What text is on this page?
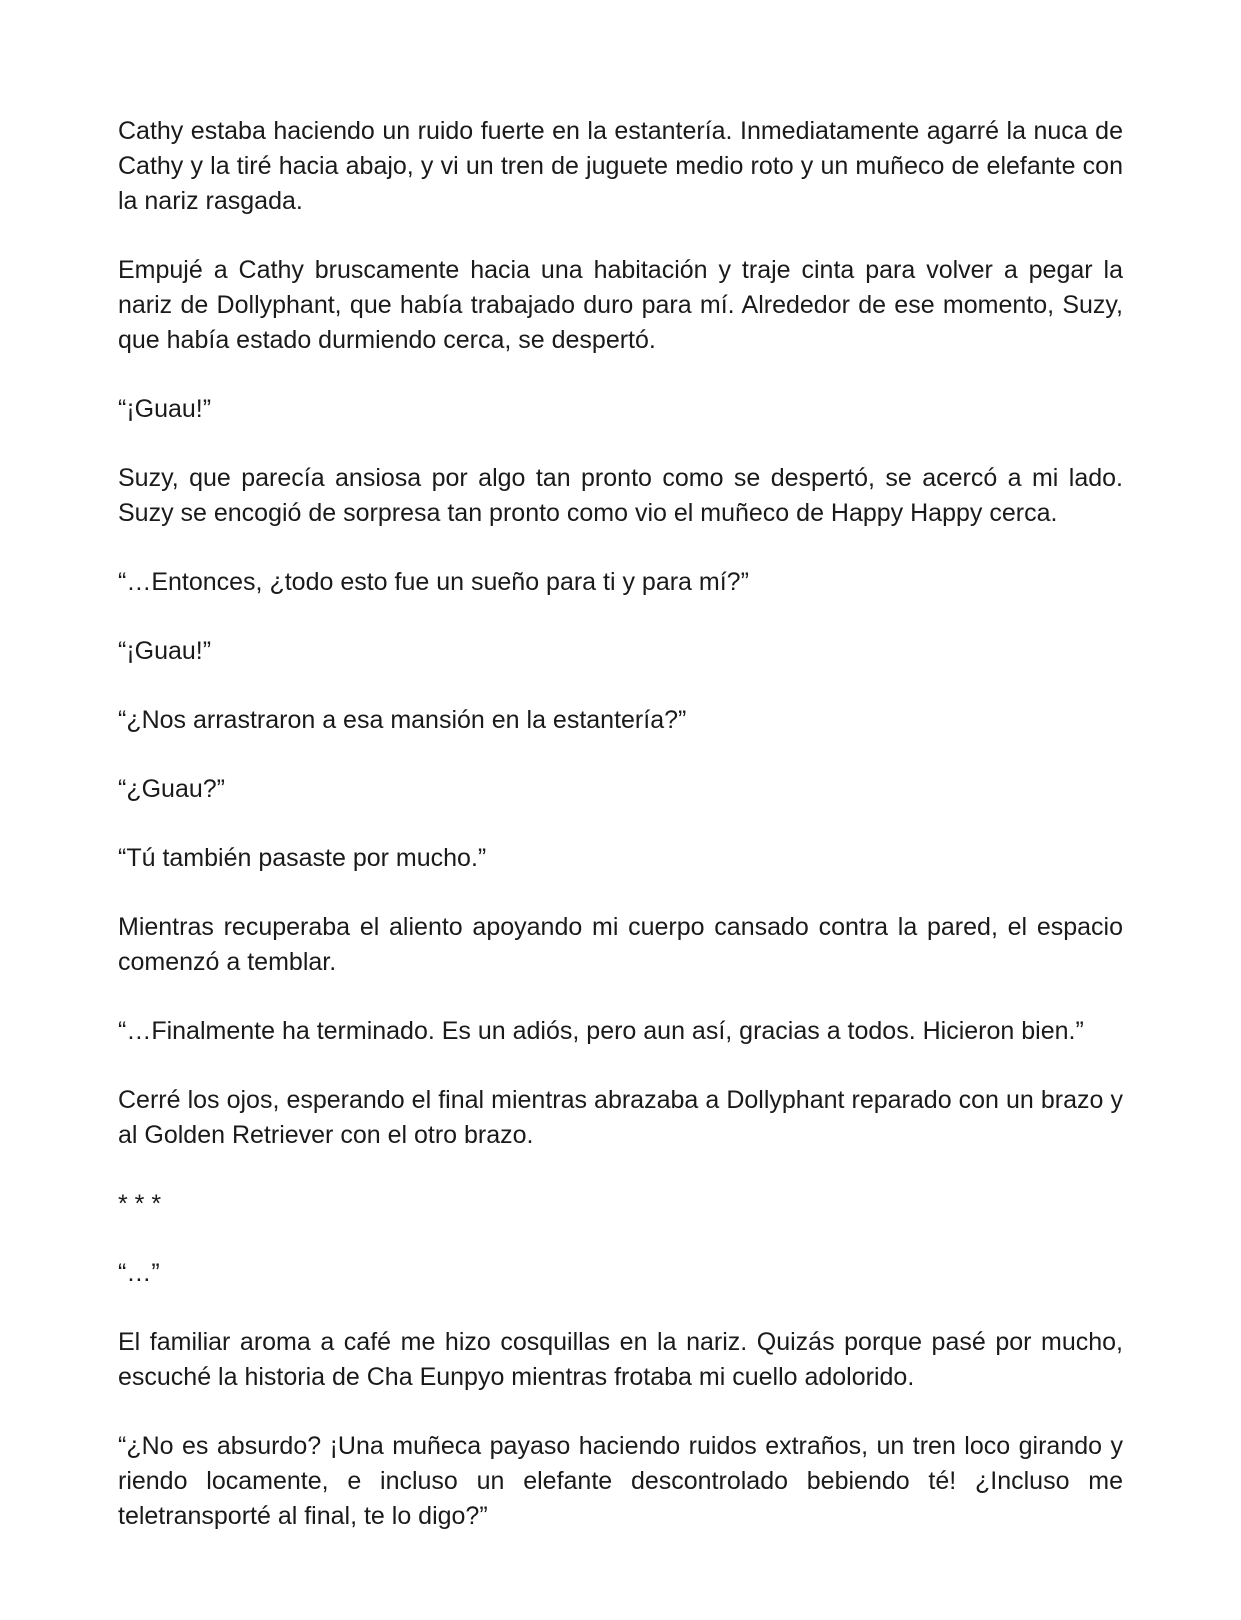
Cathy estaba haciendo un ruido fuerte en la estantería. Inmediatamente agarré la nuca de Cathy y la tiré hacia abajo, y vi un tren de juguete medio roto y un muñeco de elefante con la nariz rasgada.

Empujé a Cathy bruscamente hacia una habitación y traje cinta para volver a pegar la nariz de Dollyphant, que había trabajado duro para mí. Alrededor de ese momento, Suzy, que había estado durmiendo cerca, se despertó.

“¡Guau!”

Suzy, que parecía ansiosa por algo tan pronto como se despertó, se acercó a mi lado. Suzy se encogió de sorpresa tan pronto como vio el muñeco de Happy Happy cerca.

“…Entonces, ¿todo esto fue un sueño para ti y para mí?”

“¡Guau!”

“¿Nos arrastraron a esa mansión en la estantería?”

“¿Guau?”

“Tú también pasaste por mucho.”

Mientras recuperaba el aliento apoyando mi cuerpo cansado contra la pared, el espacio comenzó a temblar.

“…Finalmente ha terminado. Es un adiós, pero aun así, gracias a todos. Hicieron bien.”

Cerré los ojos, esperando el final mientras abrazaba a Dollyphant reparado con un brazo y al Golden Retriever con el otro brazo.

* * *

“…”

El familiar aroma a café me hizo cosquillas en la nariz. Quizás porque pasé por mucho, escuché la historia de Cha Eunpyo mientras frotaba mi cuello adolorido.

“¿No es absurdo? ¡Una muñeca payaso haciendo ruidos extraños, un tren loco girando y riendo locamente, e incluso un elefante descontrolado bebiendo té! ¿Incluso me teletransporté al final, te lo digo?”
